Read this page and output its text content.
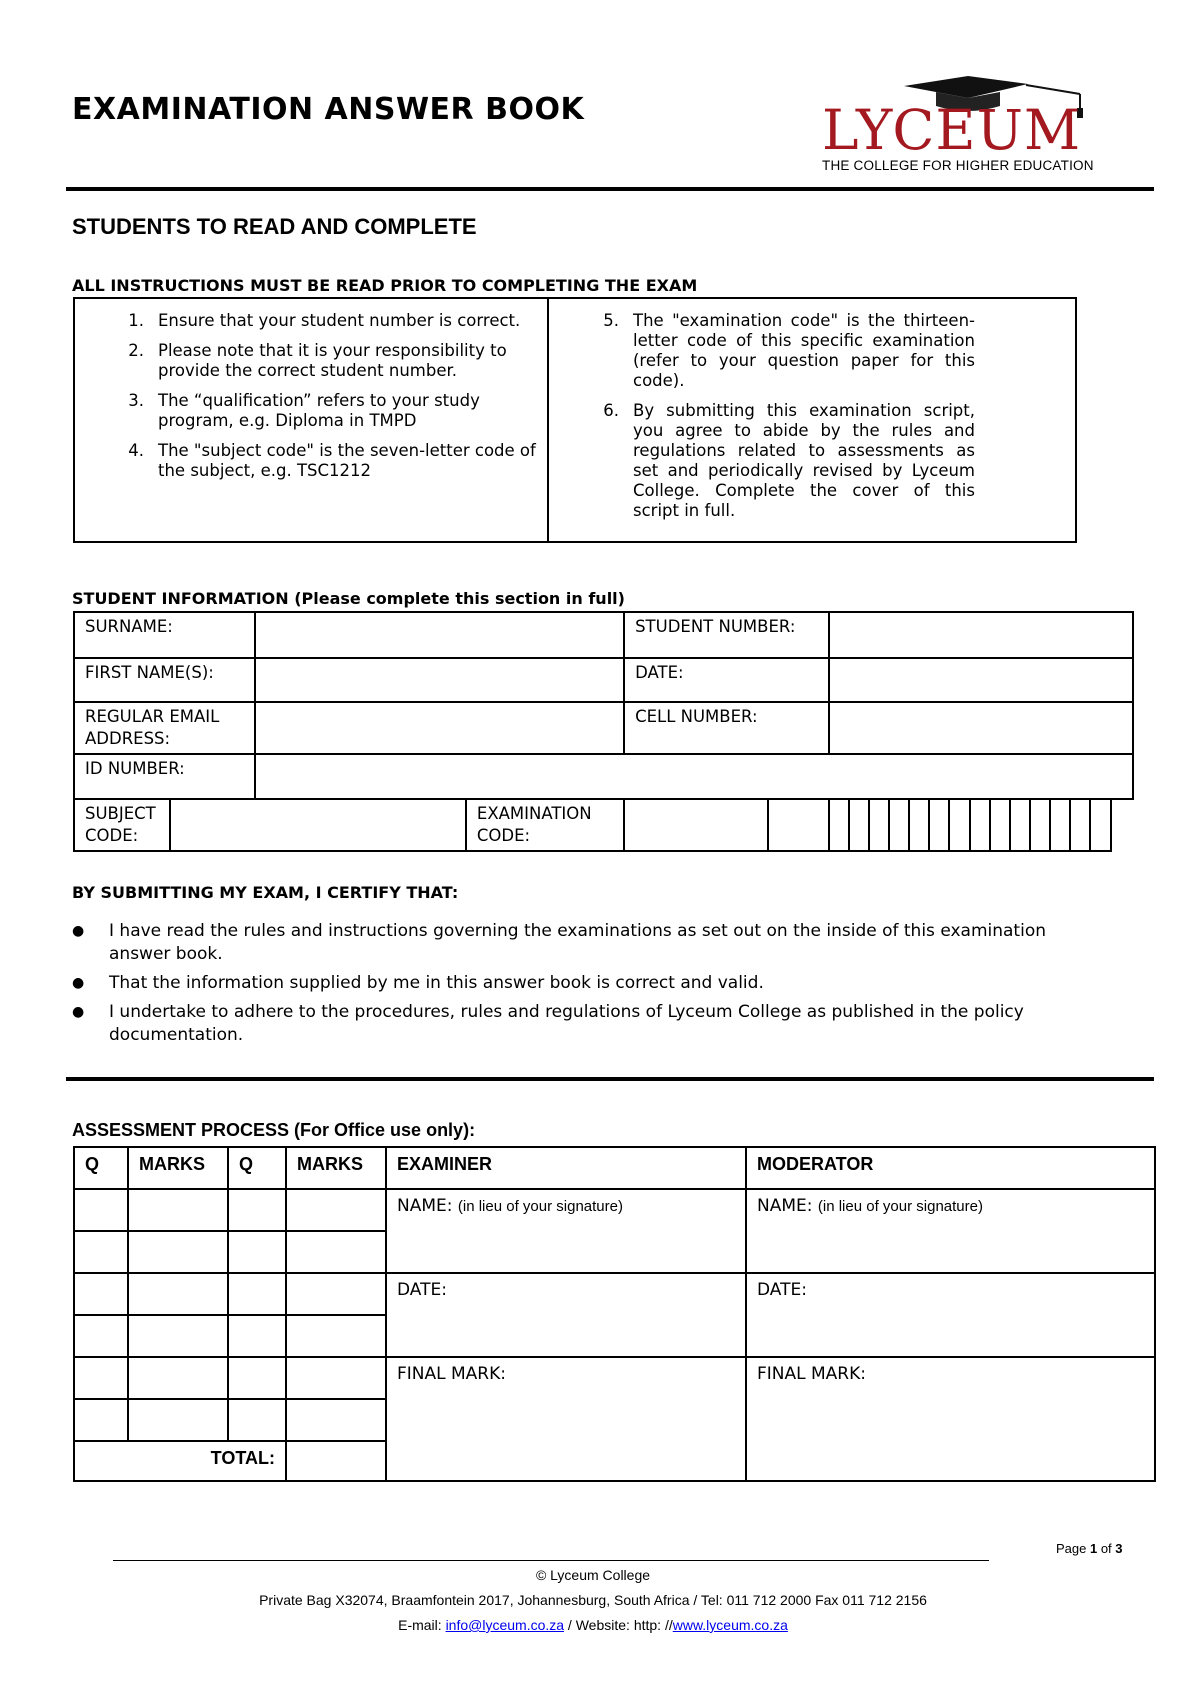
EXAMINATION ANSWER BOOK	LYCEUM
THE COLLEGE FOR HIGHER EDUCATION
STUDENTS TO READ AND COMPLETE
ALL INSTRUCTIONS MUST BE READ PRIOR TO COMPLETING THE EXAM
1. Ensure that your student number is correct.
2. Please note that it is your responsibility to provide the correct student number.
3. The “qualification” refers to your study program, e.g. Diploma in TMPD
4. The "subject code" is the seven-letter code of the subject, e.g. TSC1212
5. The "examination code" is the thirteen-letter code of this specific examination (refer to your question paper for this code).
6. By submitting this examination script, you agree to abide by the rules and regulations related to assessments as set and periodically revised by Lyceum College. Complete the cover of this script in full.
STUDENT INFORMATION (Please complete this section in full)
SURNAME:				STUDENT NUMBER:															
FIRST NAME(S):				DATE:															
REGULAR EMAIL ADDRESS:				CELL NUMBER:															
ID NUMBER:																			
SUBJECT CODE:			EXAMINATION CODE:																
BY SUBMITTING MY EXAM, I CERTIFY THAT:
●	I have read the rules and instructions governing the examinations as set out on the inside of this examination answer book.
●	That the information supplied by me in this answer book is correct and valid.
●	I undertake to adhere to the procedures, rules and regulations of Lyceum College as published in the policy documentation.
ASSESSMENT PROCESS (For Office use only):
Q	MARKS	Q	MARKS	EXAMINER	MODERATOR
				NAME: (in lieu of your signature)	NAME: (in lieu of your signature)

				DATE:	DATE:

				FINAL MARK:	FINAL MARK:

TOTAL:					
Page 1 of 3
© Lyceum College
Private Bag X32074, Braamfontein 2017, Johannesburg, South Africa / Tel: 011 712 2000 Fax 011 712 2156
E-mail: info@lyceum.co.za / Website: http: //www.lyceum.co.za
